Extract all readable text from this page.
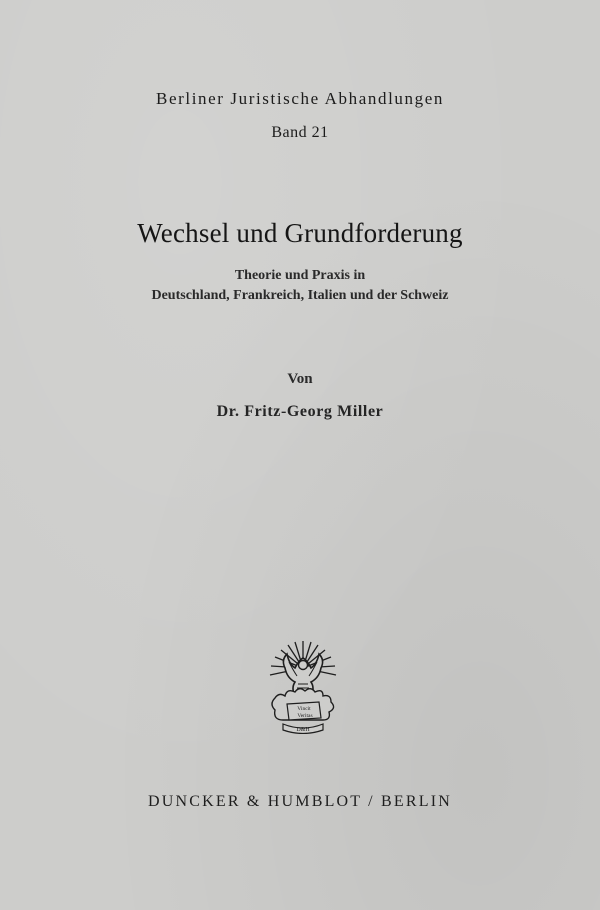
Berliner Juristische Abhandlungen
Band 21
Wechsel und Grundforderung
Theorie und Praxis in
Deutschland, Frankreich, Italien und der Schweiz
Von
Dr. Fritz-Georg Miller
Vincit
Veritas
D&H
DUNCKER & HUMBLOT / BERLIN
